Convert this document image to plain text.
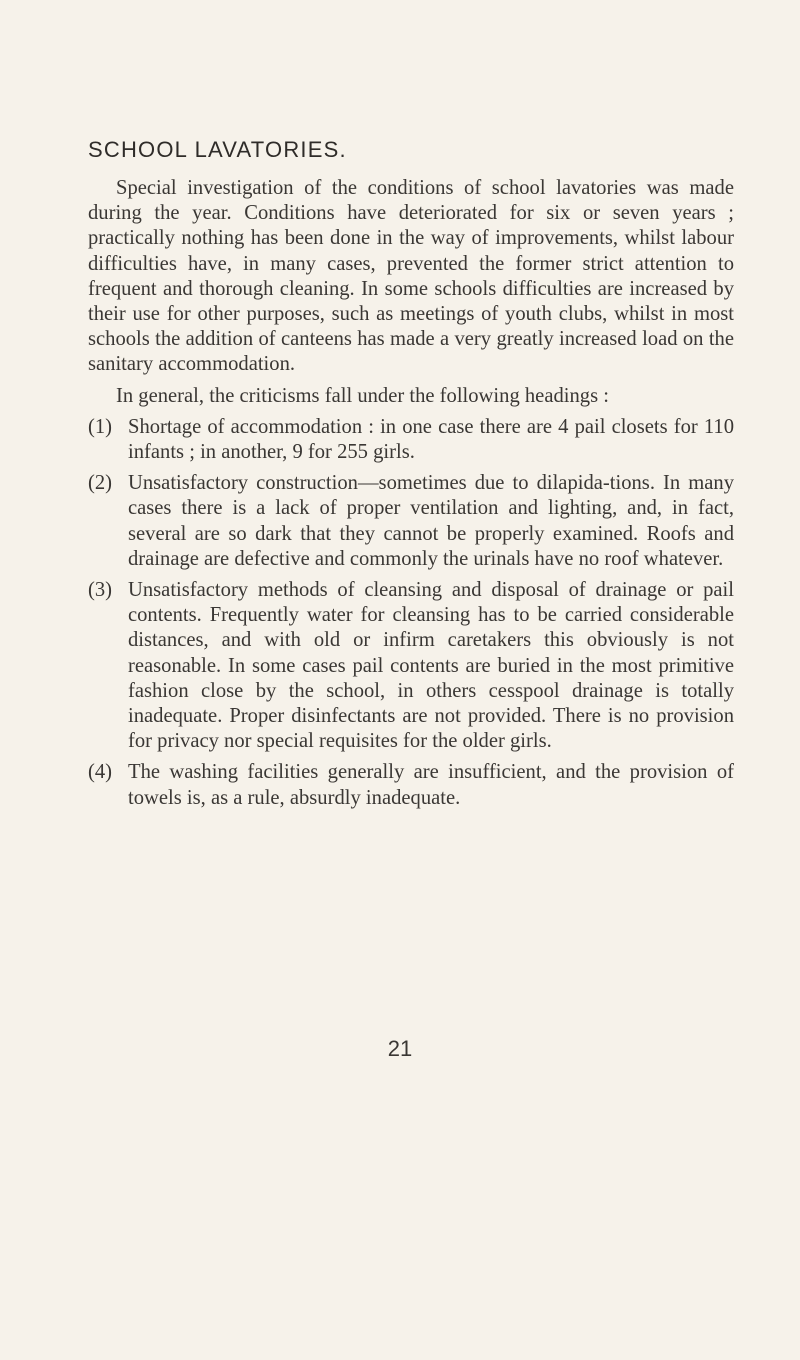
SCHOOL LAVATORIES.

Special investigation of the conditions of school lavatories was made during the year. Conditions have deteriorated for six or seven years ; practically nothing has been done in the way of improvements, whilst labour difficulties have, in many cases, prevented the former strict attention to frequent and thorough cleaning. In some schools difficulties are increased by their use for other purposes, such as meetings of youth clubs, whilst in most schools the addition of canteens has made a very greatly increased load on the sanitary accommodation.

In general, the criticisms fall under the following headings :

(1) Shortage of accommodation : in one case there are 4 pail closets for 110 infants ; in another, 9 for 255 girls.
(2) Unsatisfactory construction—sometimes due to dilapida-tions. In many cases there is a lack of proper ventilation and lighting, and, in fact, several are so dark that they cannot be properly examined. Roofs and drainage are defective and commonly the urinals have no roof whatever.
(3) Unsatisfactory methods of cleansing and disposal of drainage or pail contents. Frequently water for cleansing has to be carried considerable distances, and with old or infirm caretakers this obviously is not reasonable. In some cases pail contents are buried in the most primitive fashion close by the school, in others cesspool drainage is totally inadequate. Proper disinfectants are not provided. There is no provision for privacy nor special requisites for the older girls.
(4) The washing facilities generally are insufficient, and the provision of towels is, as a rule, absurdly inadequate.
21
